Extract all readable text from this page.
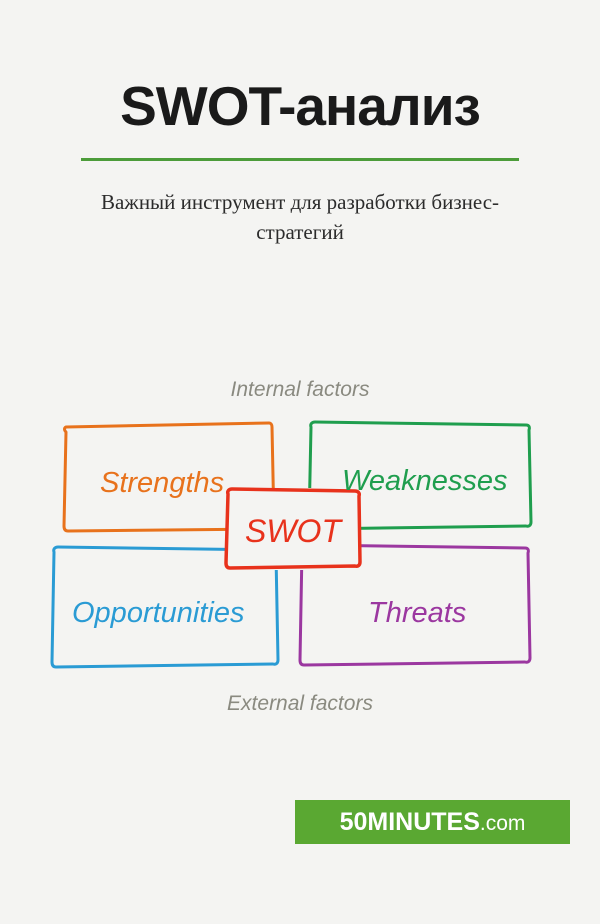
SWOT-анализ

Важный инструмент для разработки бизнес-стратегий

Internal factors
External factors
Strengths	Weaknesses
Opportunities	Threats
SWOT
50MINUTES.com
